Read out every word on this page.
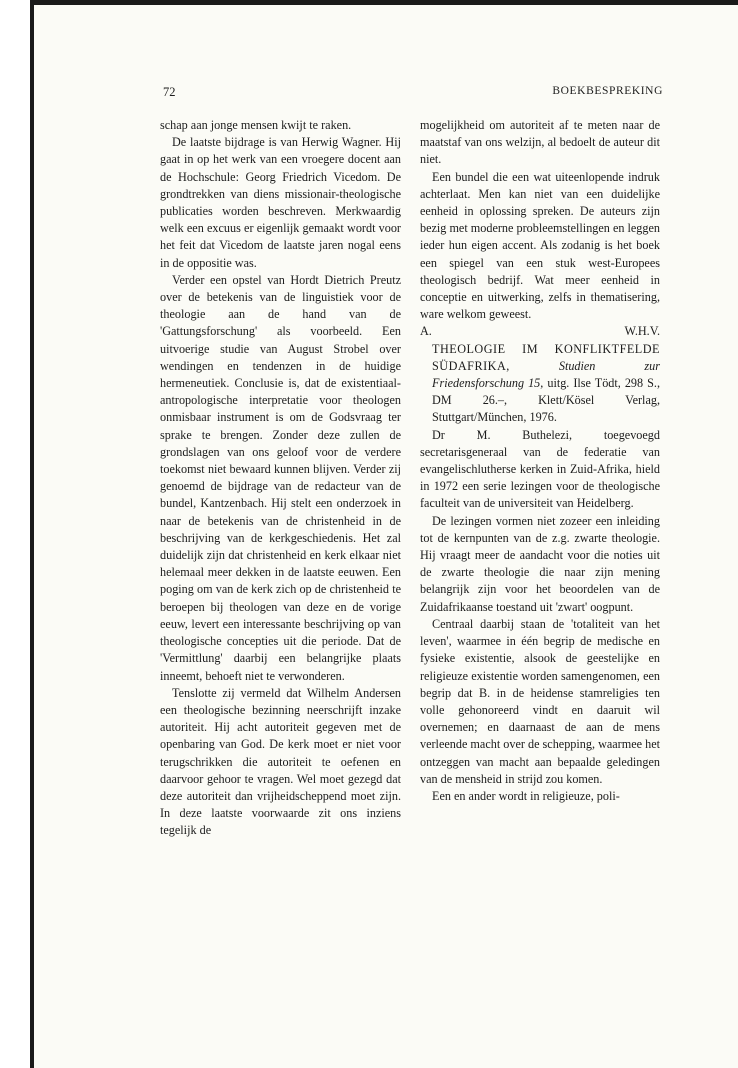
72	BOEKBESPREKING

schap aan jonge mensen kwijt te raken.

De laatste bijdrage is van Herwig Wagner. Hij gaat in op het werk van een vroegere docent aan de Hochschule: Georg Friedrich Vicedom. De grondtrekken van diens missionair-theologische publicaties worden beschreven. Merkwaardig welk een excuus er eigenlijk gemaakt wordt voor het feit dat Vicedom de laatste jaren nogal eens in de oppositie was.

Verder een opstel van Hordt Dietrich Preutz over de betekenis van de linguistiek voor de theologie aan de hand van de 'Gattungsforschung' als voorbeeld. Een uitvoerige studie van August Strobel over wendingen en tendenzen in de huidige hermeneutiek. Conclusie is, dat de existentiaal-antropologische interpretatie voor theologen onmisbaar instrument is om de Godsvraag ter sprake te brengen. Zonder deze zullen de grondslagen van ons geloof voor de verdere toekomst niet bewaard kunnen blijven. Verder zij genoemd de bijdrage van de redacteur van de bundel, Kantzenbach. Hij stelt een onderzoek in naar de betekenis van de christenheid in de beschrijving van de kerkgeschiedenis. Het zal duidelijk zijn dat christenheid en kerk elkaar niet helemaal meer dekken in de laatste eeuwen. Een poging om van de kerk zich op de christenheid te beroepen bij theologen van deze en de vorige eeuw, levert een interessante beschrijving op van theologische concepties uit die periode. Dat de 'Vermittlung' daarbij een belangrijke plaats inneemt, behoeft niet te verwonderen.

Tenslotte zij vermeld dat Wilhelm Andersen een theologische bezinning neerschrijft inzake autoriteit. Hij acht autoriteit gegeven met de openbaring van God. De kerk moet er niet voor terugschrikken die autoriteit te oefenen en daarvoor gehoor te vragen. Wel moet gezegd dat deze autoriteit dan vrijheidscheppend moet zijn. In deze laatste voorwaarde zit ons inziens tegelijk de

mogelijkheid om autoriteit af te meten naar de maatstaf van ons welzijn, al bedoelt de auteur dit niet.

Een bundel die een wat uiteenlopende indruk achterlaat. Men kan niet van een duidelijke eenheid in oplossing spreken. De auteurs zijn bezig met moderne probleemstellingen en leggen ieder hun eigen accent. Als zodanig is het boek een spiegel van een stuk west-Europees theologisch bedrijf. Wat meer eenheid in conceptie en uitwerking, zelfs in thematisering, ware welkom geweest.

A.	W.H.V.

THEOLOGIE IM KONFLIKTFELDE SÜDAFRIKA,	Studien zur Friedensforschung 15, uitg. Ilse Tödt, 298 S., DM 26.–, Klett/Kösel Verlag, Stuttgart/München, 1976.

Dr M. Buthelezi, toegevoegd secretarisgeneraal van de federatie van evangelischlutherse kerken in Zuid-Afrika, hield in 1972 een serie lezingen voor de theologische faculteit van de universiteit van Heidelberg.

De lezingen vormen niet zozeer een inleiding tot de kernpunten van de z.g. zwarte theologie. Hij vraagt meer de aandacht voor die noties uit de zwarte theologie die naar zijn mening belangrijk zijn voor het beoordelen van de Zuidafrikaanse toestand uit 'zwart' oogpunt.

Centraal daarbij staan de 'totaliteit van het leven', waarmee in één begrip de medische en fysieke existentie, alsook de geestelijke en religieuze existentie worden samengenomen, een begrip dat B. in de heidense stamreligies ten volle gehonoreerd vindt en daaruit wil overnemen; en daarnaast de aan de mens verleende macht over de schepping, waarmee het ontzeggen van macht aan bepaalde geledingen van de mensheid in strijd zou komen.

Een en ander wordt in religieuze, poli-
